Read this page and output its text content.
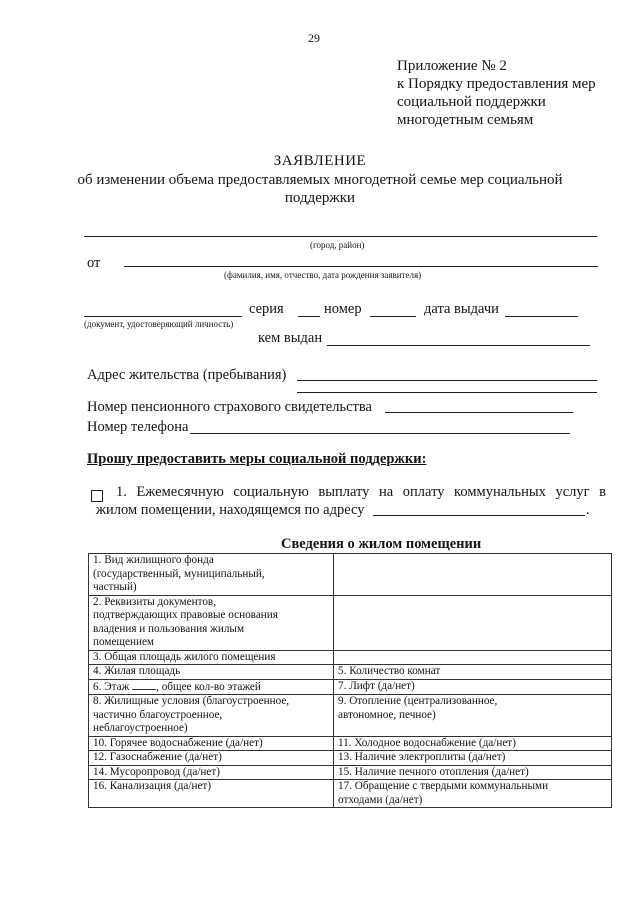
29
Приложение № 2
к Порядку предоставления мер
социальной поддержки
многодетным семьям
ЗАЯВЛЕНИЕ
об изменении объема предоставляемых многодетной семье мер социальной
поддержки
(город, район)
от
(фамилия, имя, отчество, дата рождения заявителя)
серия	номер	дата выдачи
(документ, удостоверяющий личность)
кем выдан
Адрес жительства (пребывания)
Номер пенсионного страхового свидетельства
Номер телефона
Прошу предоставить меры социальной поддержки:
1. Ежемесячную социальную выплату на оплату коммунальных услуг в
жилом помещении, находящемся по адресу	.
Сведения о жилом помещении
1. Вид жилищного фонда
(государственный, муниципальный,
частный)	

2. Реквизиты документов,
подтверждающих правовые основания
владения и пользования жилым
помещением	

3. Общая площадь жилого помещения	

4. Жилая площадь	5. Количество комнат

6. Этаж , общее кол-во этажей	7. Лифт (да/нет)

8. Жилищные условия (благоустроенное,
частично благоустроенное,
неблагоустроенное)	9. Отопление (централизованное,
автономное, печное)

10. Горячее водоснабжение (да/нет)	11. Холодное водоснабжение (да/нет)

12. Газоснабжение (да/нет)	13. Наличие электроплиты (да/нет)

14. Мусоропровод (да/нет)	15. Наличие печного отопления (да/нет)

16. Канализация (да/нет)	17. Обращение с твердыми коммунальными
отходами (да/нет)
